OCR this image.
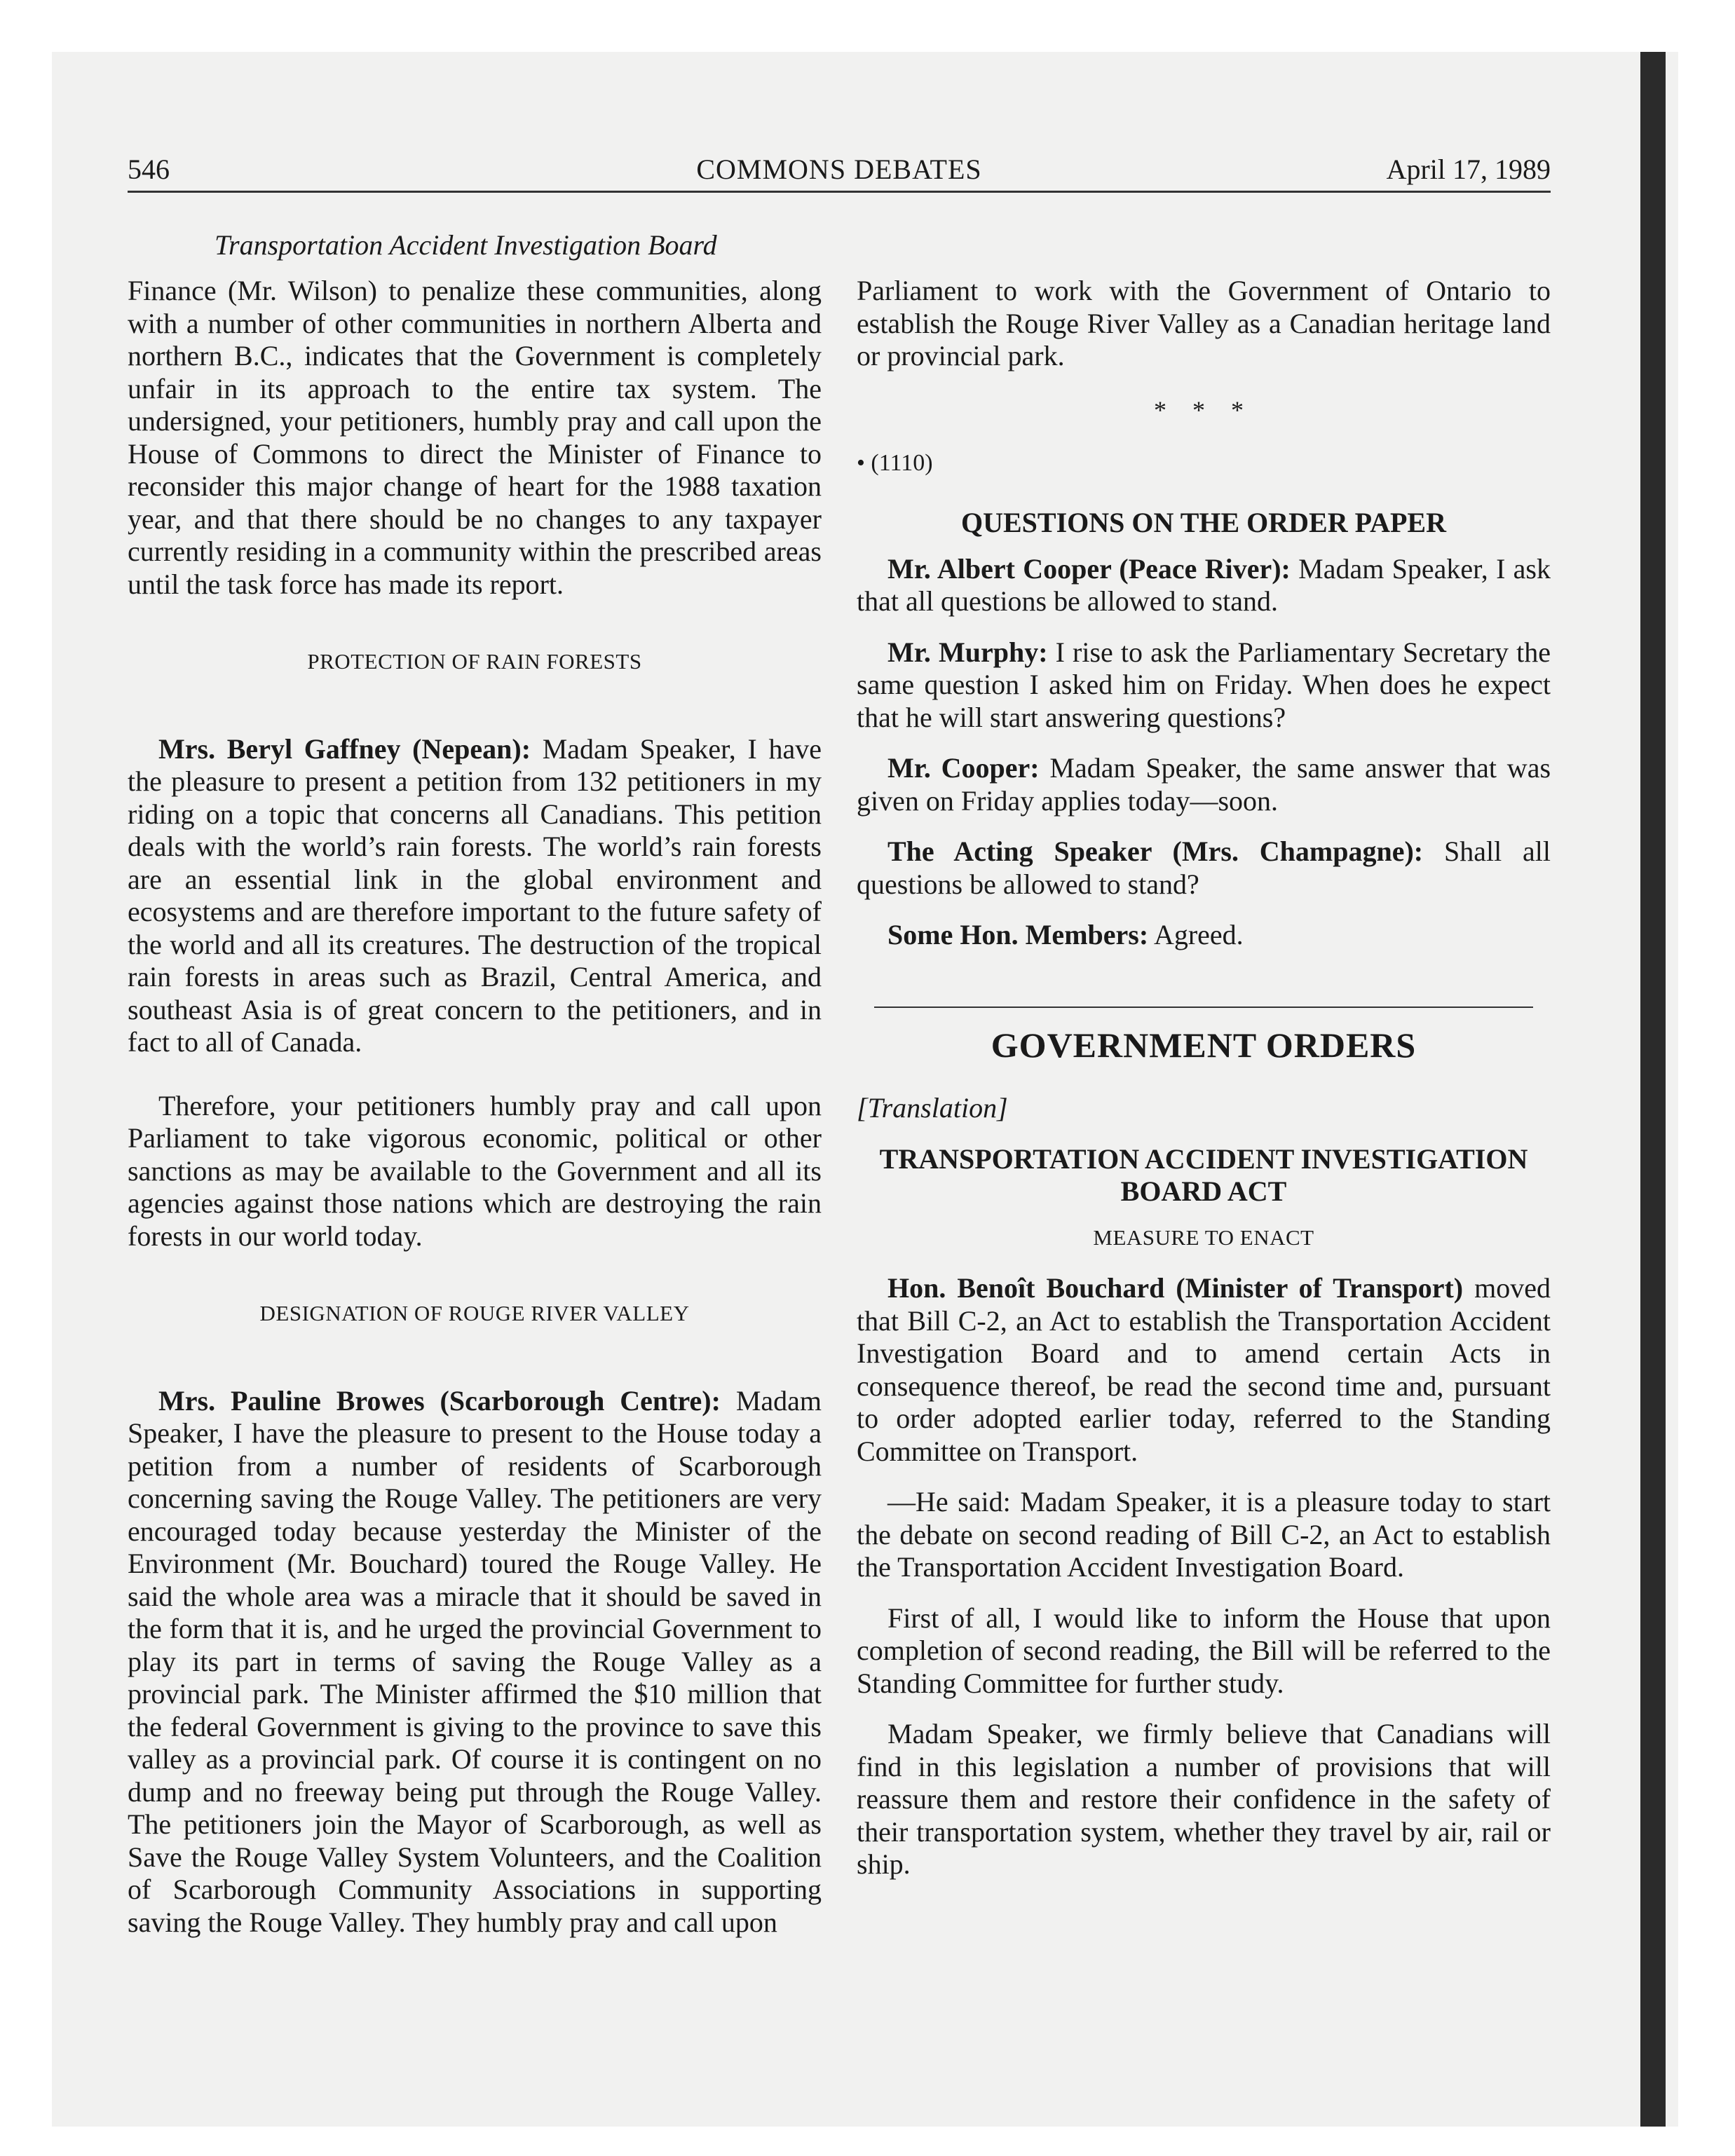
546	COMMONS DEBATES	April 17, 1989
Transportation Accident Investigation Board

Finance (Mr. Wilson) to penalize these communities, along with a number of other communities in northern Alberta and northern B.C., indicates that the Government is completely unfair in its approach to the entire tax system. The undersigned, your petitioners, humbly pray and call upon the House of Commons to direct the Minister of Finance to reconsider this major change of heart for the 1988 taxation year, and that there should be no changes to any taxpayer currently residing in a community within the prescribed areas until the task force has made its report.

PROTECTION OF RAIN FORESTS

Mrs. Beryl Gaffney (Nepean): Madam Speaker, I have the pleasure to present a petition from 132 petitioners in my riding on a topic that concerns all Canadians. This petition deals with the world’s rain forests. The world’s rain forests are an essential link in the global environment and ecosystems and are therefore important to the future safety of the world and all its creatures. The destruction of the tropical rain forests in areas such as Brazil, Central America, and southeast Asia is of great concern to the petitioners, and in fact to all of Canada.

Therefore, your petitioners humbly pray and call upon Parliament to take vigorous economic, political or other sanctions as may be available to the Government and all its agencies against those nations which are destroying the rain forests in our world today.

DESIGNATION OF ROUGE RIVER VALLEY

Mrs. Pauline Browes (Scarborough Centre): Madam Speaker, I have the pleasure to present to the House today a petition from a number of residents of Scarborough concerning saving the Rouge Valley. The petitioners are very encouraged today because yesterday the Minister of the Environment (Mr. Bouchard) toured the Rouge Valley. He said the whole area was a miracle that it should be saved in the form that it is, and he urged the provincial Government to play its part in terms of saving the Rouge Valley as a provincial park. The Minister affirmed the $10 million that the federal Government is giving to the province to save this valley as a provincial park. Of course it is contingent on no dump and no freeway being put through the Rouge Valley. The petitioners join the Mayor of Scarborough, as well as Save the Rouge Valley System Volunteers, and the Coalition of Scarborough Community Associations in supporting saving the Rouge Valley. They humbly pray and call upon

Parliament to work with the Government of Ontario to establish the Rouge River Valley as a Canadian heritage land or provincial park.

* * *
• (1110)
QUESTIONS ON THE ORDER PAPER

Mr. Albert Cooper (Peace River): Madam Speaker, I ask that all questions be allowed to stand.

Mr. Murphy: I rise to ask the Parliamentary Secretary the same question I asked him on Friday. When does he expect that he will start answering questions?

Mr. Cooper: Madam Speaker, the same answer that was given on Friday applies today—soon.

The Acting Speaker (Mrs. Champagne): Shall all questions be allowed to stand?

Some Hon. Members: Agreed.

GOVERNMENT ORDERS

[Translation]

TRANSPORTATION ACCIDENT INVESTIGATION BOARD ACT
MEASURE TO ENACT

Hon. Benoît Bouchard (Minister of Transport) moved that Bill C-2, an Act to establish the Transportation Accident Investigation Board and to amend certain Acts in consequence thereof, be read the second time and, pursuant to order adopted earlier today, referred to the Standing Committee on Transport.

—He said: Madam Speaker, it is a pleasure today to start the debate on second reading of Bill C-2, an Act to establish the Transportation Accident Investigation Board.

First of all, I would like to inform the House that upon completion of second reading, the Bill will be referred to the Standing Committee for further study.

Madam Speaker, we firmly believe that Canadians will find in this legislation a number of provisions that will reassure them and restore their confidence in the safety of their transportation system, whether they travel by air, rail or ship.
